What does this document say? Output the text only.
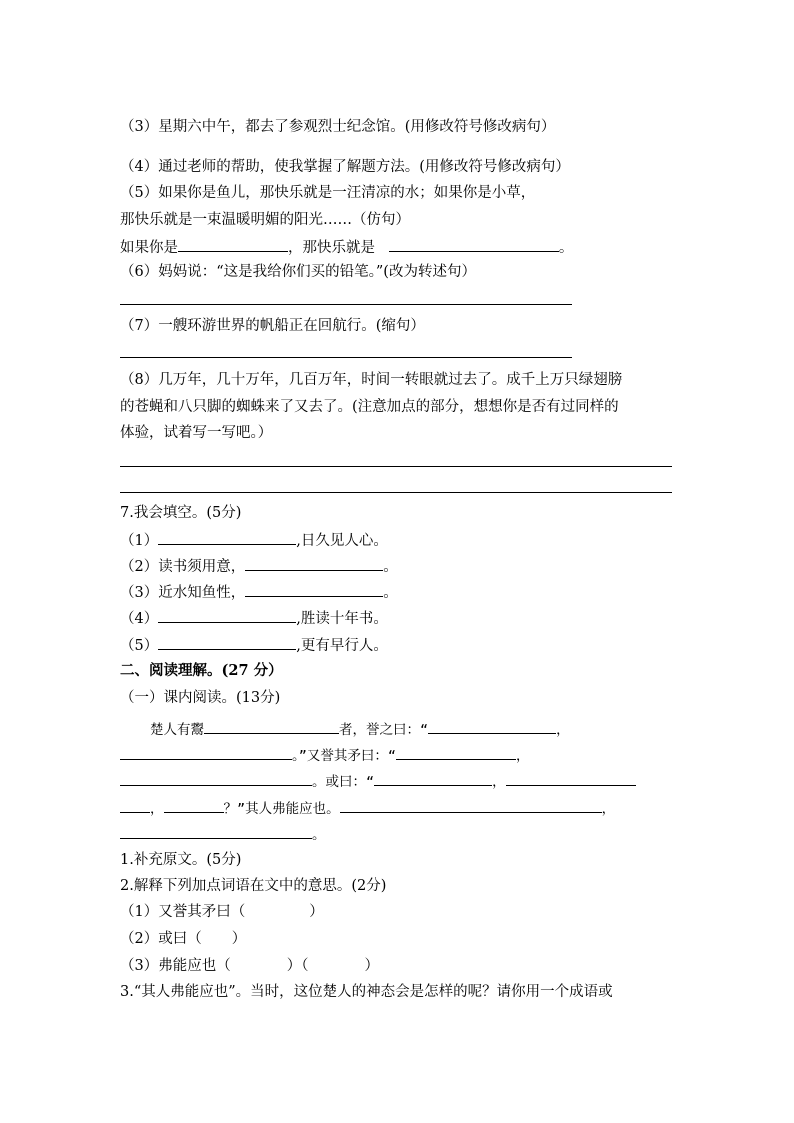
（3）星期六中午，都去了参观烈士纪念馆。(用修改符号修改病句）
（4）通过老师的帮助，使我掌握了解题方法。(用修改符号修改病句）
（5）如果你是鱼儿，那快乐就是一汪清凉的水；如果你是小草，
那快乐就是一束温暖明媚的阳光……（仿句）
如果你是	，那快乐就是	。
（6）妈妈说：“这是我给你们买的铅笔。”(改为转述句）
（7）一艘环游世界的帆船正在回航行。(缩句）
（8）几万年，几十万年，几百万年，时间一转眼就过去了。成千上万只绿翅膀
的苍蝇和八只脚的蜘蛛来了又去了。(注意加点的部分，想想你是否有过同样的
体验，试着写一写吧。）
7.我会填空。(5分)
（1）	,日久见人心。
（2）读书须用意，	。
（3）近水知鱼性，	。
（4）	,胜读十年书。
（5）	,更有早行人。
二、阅读理解。(27 分）
（一）课内阅读。(13分)
楚人有鬻	者，誉之曰：“	，
。”又誉其矛曰：“	，
。或曰：“	，
，	？”其人弗能应也。	，
。
1.补充原文。(5分)
2.解释下列加点词语在文中的意思。(2分)
（1）又誉其矛曰（	）
（2）或曰（ ）
（3）弗能应也（	）（	）
3.“其人弗能应也”。当时，这位楚人的神态会是怎样的呢？请你用一个成语或
